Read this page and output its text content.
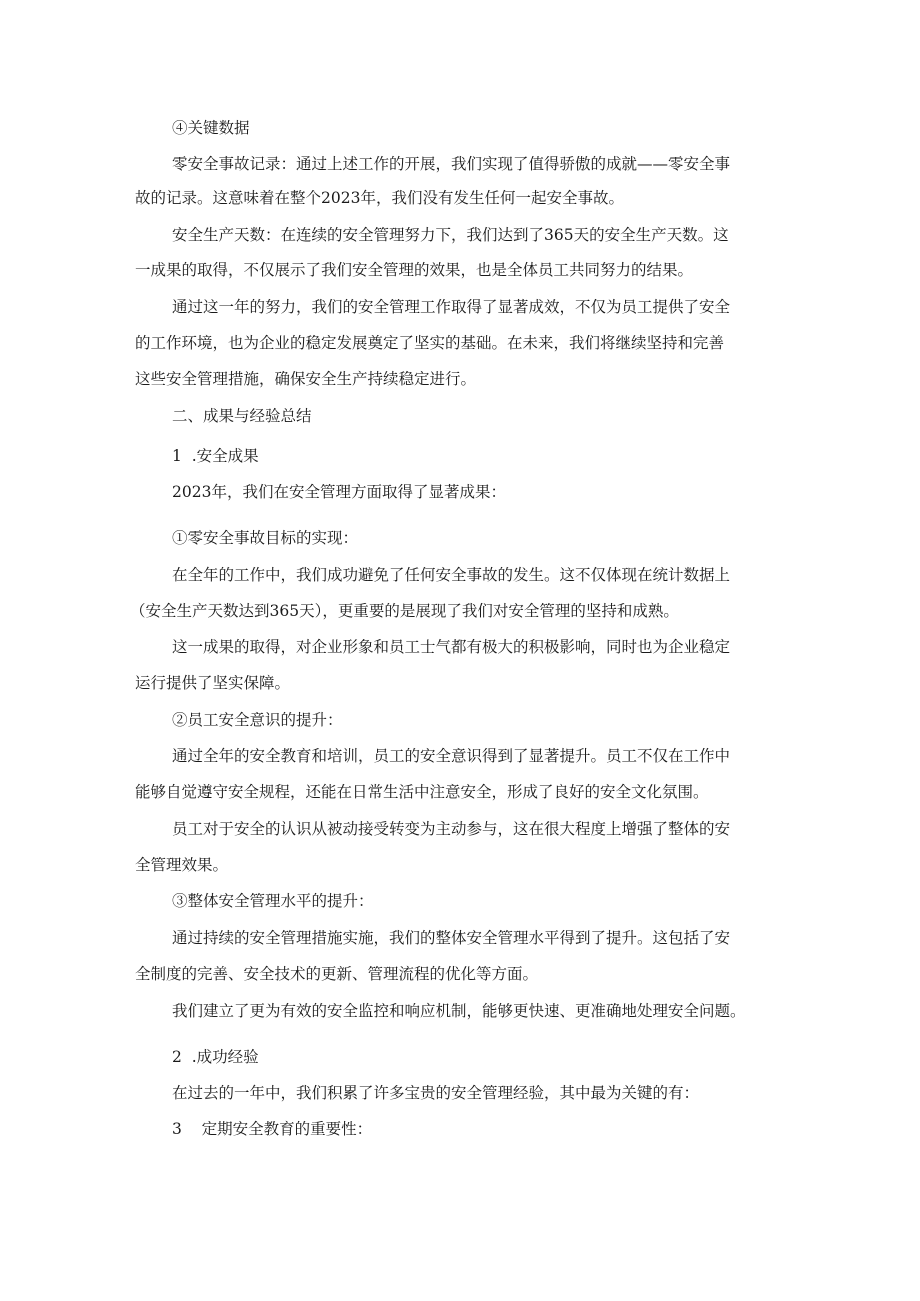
④关键数据
零安全事故记录：通过上述工作的开展，我们实现了值得骄傲的成就——零安全事
故的记录。这意味着在整个2023年，我们没有发生任何一起安全事故。
安全生产天数：在连续的安全管理努力下，我们达到了365天的安全生产天数。这
一成果的取得，不仅展示了我们安全管理的效果，也是全体员工共同努力的结果。
通过这一年的努力，我们的安全管理工作取得了显著成效，不仅为员工提供了安全
的工作环境，也为企业的稳定发展奠定了坚实的基础。在未来，我们将继续坚持和完善
这些安全管理措施，确保安全生产持续稳定进行。
二、成果与经验总结
1  .安全成果
2023年，我们在安全管理方面取得了显著成果：
①零安全事故目标的实现：
在全年的工作中，我们成功避免了任何安全事故的发生。这不仅体现在统计数据上
（安全生产天数达到365天），更重要的是展现了我们对安全管理的坚持和成熟。
这一成果的取得，对企业形象和员工士气都有极大的积极影响，同时也为企业稳定
运行提供了坚实保障。
②员工安全意识的提升：
通过全年的安全教育和培训，员工的安全意识得到了显著提升。员工不仅在工作中
能够自觉遵守安全规程，还能在日常生活中注意安全，形成了良好的安全文化氛围。
员工对于安全的认识从被动接受转变为主动参与，这在很大程度上增强了整体的安
全管理效果。
③整体安全管理水平的提升：
通过持续的安全管理措施实施，我们的整体安全管理水平得到了提升。这包括了安
全制度的完善、安全技术的更新、管理流程的优化等方面。
我们建立了更为有效的安全监控和响应机制，能够更快速、更准确地处理安全问题。
2  .成功经验
在过去的一年中，我们积累了许多宝贵的安全管理经验，其中最为关键的有：
3    定期安全教育的重要性：
